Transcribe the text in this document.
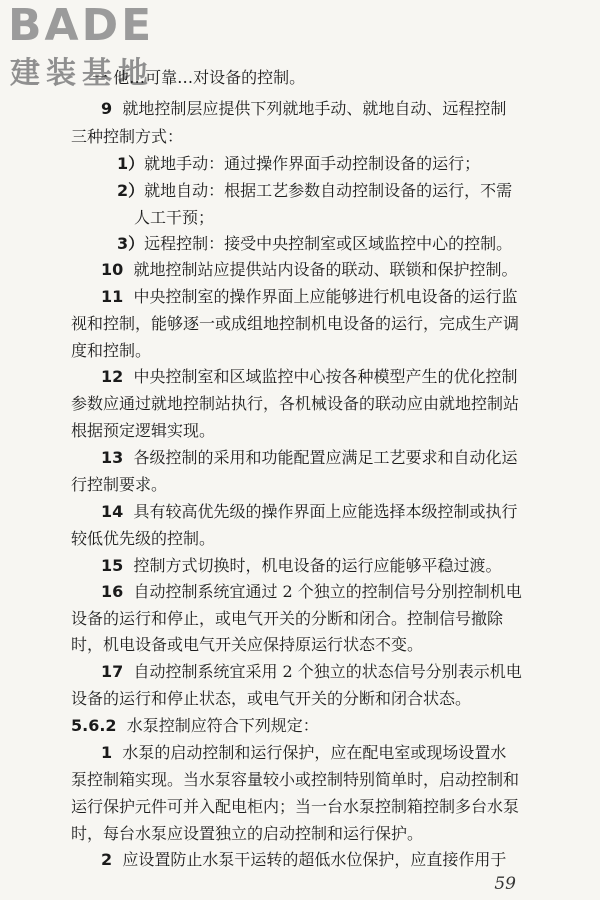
BADE
建装基地
一 他…可靠…对设备的控制。
9 就地控制层应提供下列就地手动、就地自动、远程控制
三种控制方式：
1）就地手动：通过操作界面手动控制设备的运行；
2）就地自动：根据工艺参数自动控制设备的运行，不需
人工干预；
3）远程控制：接受中央控制室或区域监控中心的控制。
10 就地控制站应提供站内设备的联动、联锁和保护控制。
11 中央控制室的操作界面上应能够进行机电设备的运行监
视和控制，能够逐一或成组地控制机电设备的运行，完成生产调
度和控制。
12 中央控制室和区域监控中心按各种模型产生的优化控制
参数应通过就地控制站执行，各机械设备的联动应由就地控制站
根据预定逻辑实现。
13 各级控制的采用和功能配置应满足工艺要求和自动化运
行控制要求。
14 具有较高优先级的操作界面上应能选择本级控制或执行
较低优先级的控制。
15 控制方式切换时，机电设备的运行应能够平稳过渡。
16 自动控制系统宜通过 2 个独立的控制信号分别控制机电
设备的运行和停止，或电气开关的分断和闭合。控制信号撤除
时，机电设备或电气开关应保持原运行状态不变。
17 自动控制系统宜采用 2 个独立的状态信号分别表示机电
设备的运行和停止状态，或电气开关的分断和闭合状态。
5.6.2 水泵控制应符合下列规定：
1 水泵的启动控制和运行保护，应在配电室或现场设置水
泵控制箱实现。当水泵容量较小或控制特别简单时，启动控制和
运行保护元件可并入配电柜内；当一台水泵控制箱控制多台水泵
时，每台水泵应设置独立的启动控制和运行保护。
2 应设置防止水泵干运转的超低水位保护，应直接作用于
59
